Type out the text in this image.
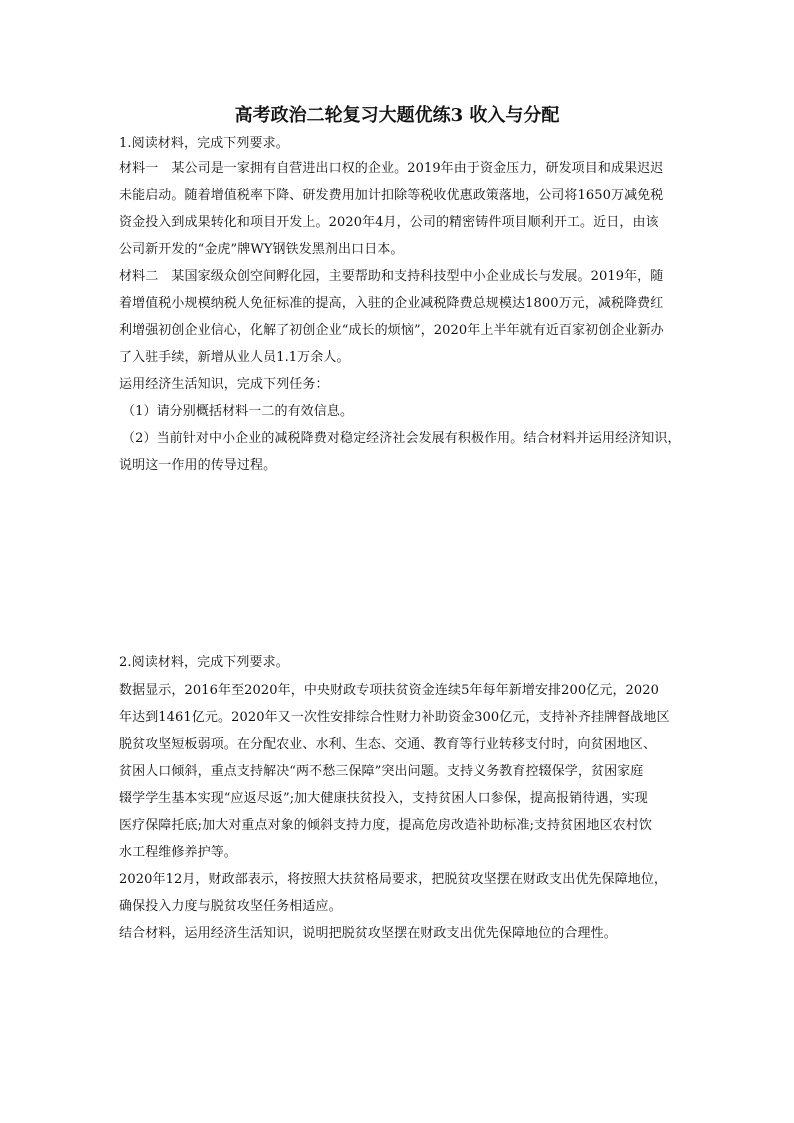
高考政治二轮复习大题优练3 收入与分配
1.阅读材料，完成下列要求。
材料一　某公司是一家拥有自营进出口权的企业。2019年由于资金压力，研发项目和成果迟迟
未能启动。随着增值税率下降、研发费用加计扣除等税收优惠政策落地，公司将1650万减免税
资金投入到成果转化和项目开发上。2020年4月，公司的精密铸件项目顺利开工。近日，由该
公司新开发的“金虎”牌WY钢铁发黑剂出口日本。
材料二　某国家级众创空间孵化园，主要帮助和支持科技型中小企业成长与发展。2019年，随
着增值税小规模纳税人免征标准的提高，入驻的企业减税降费总规模达1800万元，减税降费红
利增强初创企业信心，化解了初创企业“成长的烦恼”，2020年上半年就有近百家初创企业新办
了入驻手续，新增从业人员1.1万余人。
运用经济生活知识，完成下列任务：
（1）请分别概括材料一二的有效信息。
（2）当前针对中小企业的减税降费对稳定经济社会发展有积极作用。结合材料并运用经济知识，
说明这一作用的传导过程。
2.阅读材料，完成下列要求。
数据显示，2016年至2020年，中央财政专项扶贫资金连续5年每年新增安排200亿元，2020
年达到1461亿元。2020年又一次性安排综合性财力补助资金300亿元，支持补齐挂牌督战地区
脱贫攻坚短板弱项。在分配农业、水利、生态、交通、教育等行业转移支付时，向贫困地区、
贫困人口倾斜，重点支持解决“两不愁三保障”突出问题。支持义务教育控辍保学，贫困家庭
辍学学生基本实现“应返尽返”;加大健康扶贫投入，支持贫困人口参保，提高报销待遇，实现
医疗保障托底;加大对重点对象的倾斜支持力度，提高危房改造补助标准;支持贫困地区农村饮
水工程维修养护等。
2020年12月，财政部表示，将按照大扶贫格局要求，把脱贫攻坚摆在财政支出优先保障地位，
确保投入力度与脱贫攻坚任务相适应。
结合材料，运用经济生活知识，说明把脱贫攻坚摆在财政支出优先保障地位的合理性。
